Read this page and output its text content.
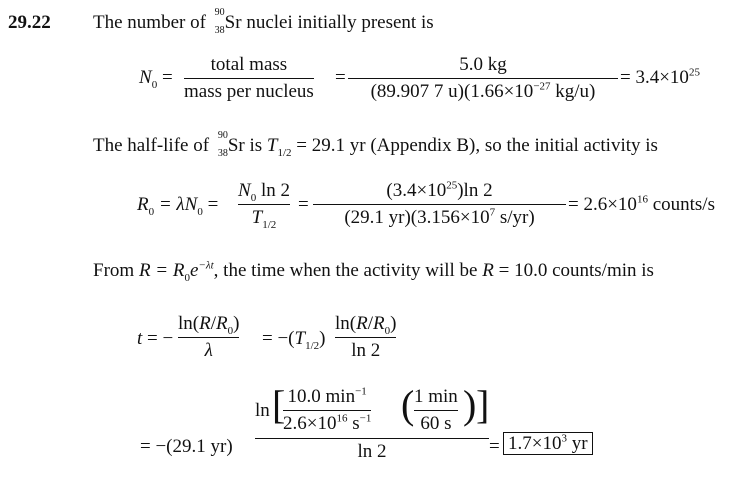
29.22 The number of 90
38 Sr nuclei initially present is
$N_0$ =
total mass
mass per nucleus
=
5.0 kg
(89.907 7 $u)(1.66\times 10^{-27}$ kg/u)
= $3.4\times 10^{25}$
The half-life of 90
38 Sr is $T_{1/2} = 29.1$ yr (Appendix B), so the initial activity is
$R_0 = \lambda N_0$ =
$N_0$ ln 2
$T_{1/2}$
=
$(3.4\times 10^{25})\ln$ 2
(29.1 $yr)(3.156\times 10^7$ s/yr)
= $2.6\times 10^{16}$ counts/s
From $R = R_0e^{-\lambda t}$, the time when the activity will be R = 10.0 counts/min is
t = −
$\ln(R/R_0)$
λ
= $-(T_{1/2})$
$\ln(R/R_0)$
ln 2
= −(29.1 yr)
ln [ 10.0 $\min^{-1}$
$2.6\times 10^{16}$ $s^{-1}$ ( 1 min
60 s ) ]
ln 2	= $1.7\times 10^3$ yr
